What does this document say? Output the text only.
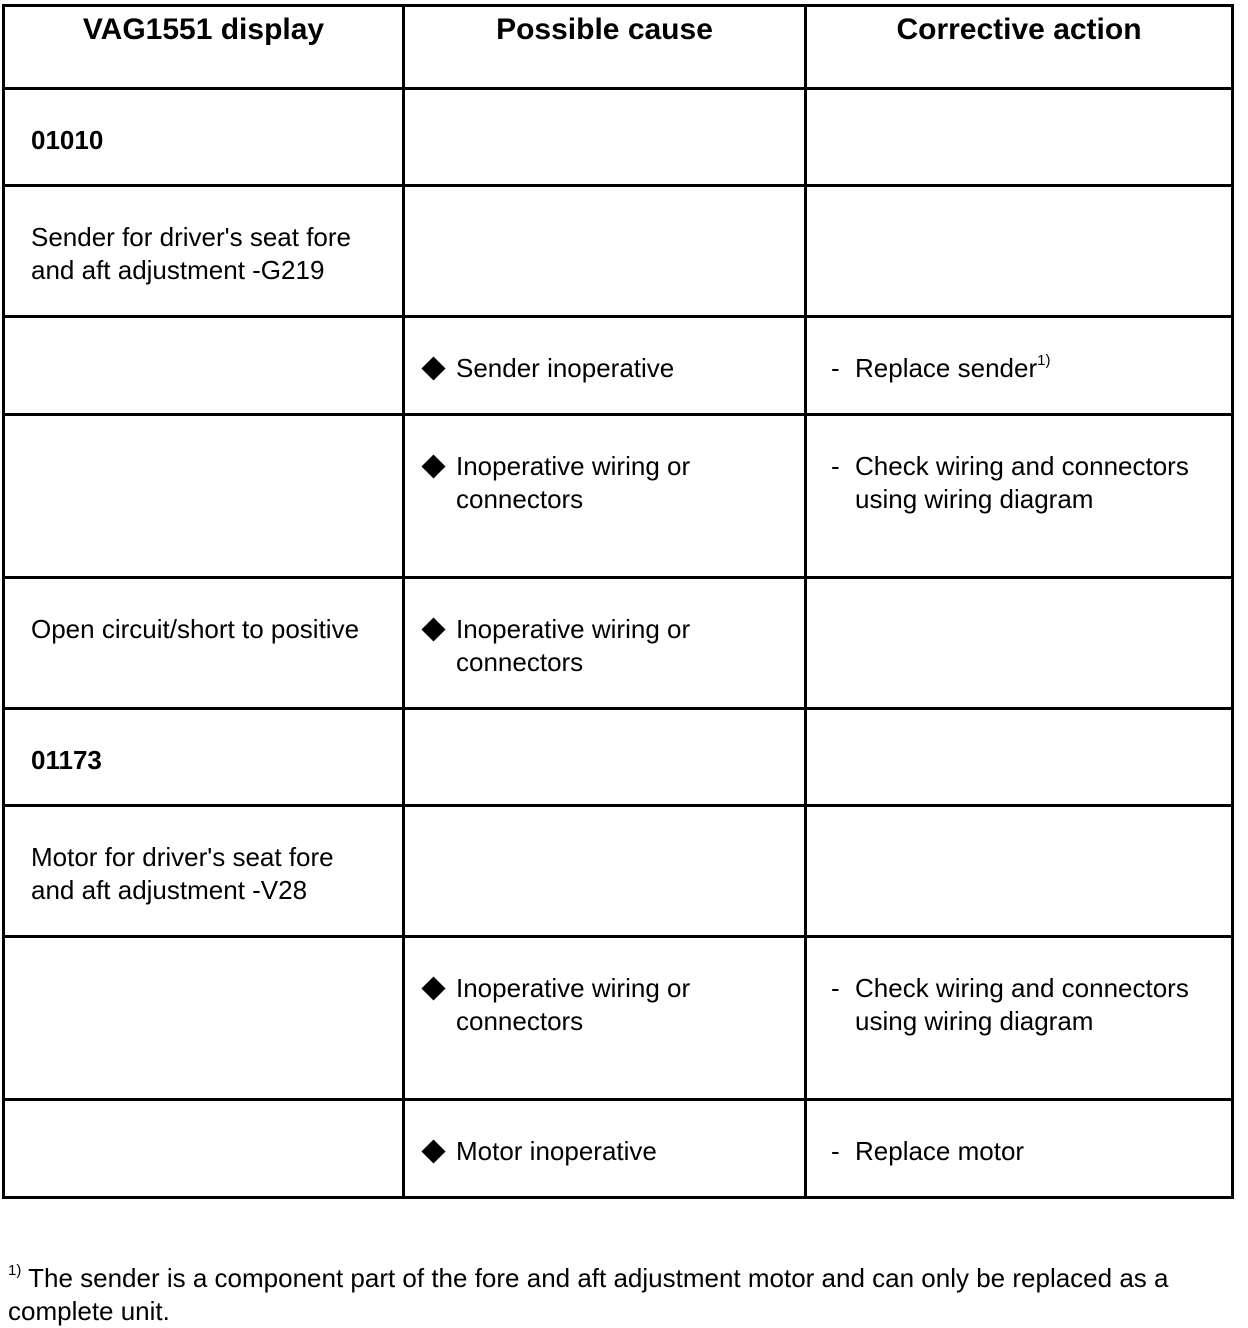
VAG1551 display	Possible cause	Corrective action

01010		

Sender for driver's seat fore and aft adjustment -G219		

	Sender inoperative	- Replace sender$^{1)}$

	Inoperative wiring or connectors	- Check wiring and connectors using wiring diagram

Open circuit/short to positive	Inoperative wiring or connectors	

01173		

Motor for driver's seat fore and aft adjustment -V28		

	Inoperative wiring or connectors	- Check wiring and connectors using wiring diagram

	Motor inoperative	- Replace motor
$^{1)}$ The sender is a component part of the fore and aft adjustment motor and can only be replaced as a complete unit.
